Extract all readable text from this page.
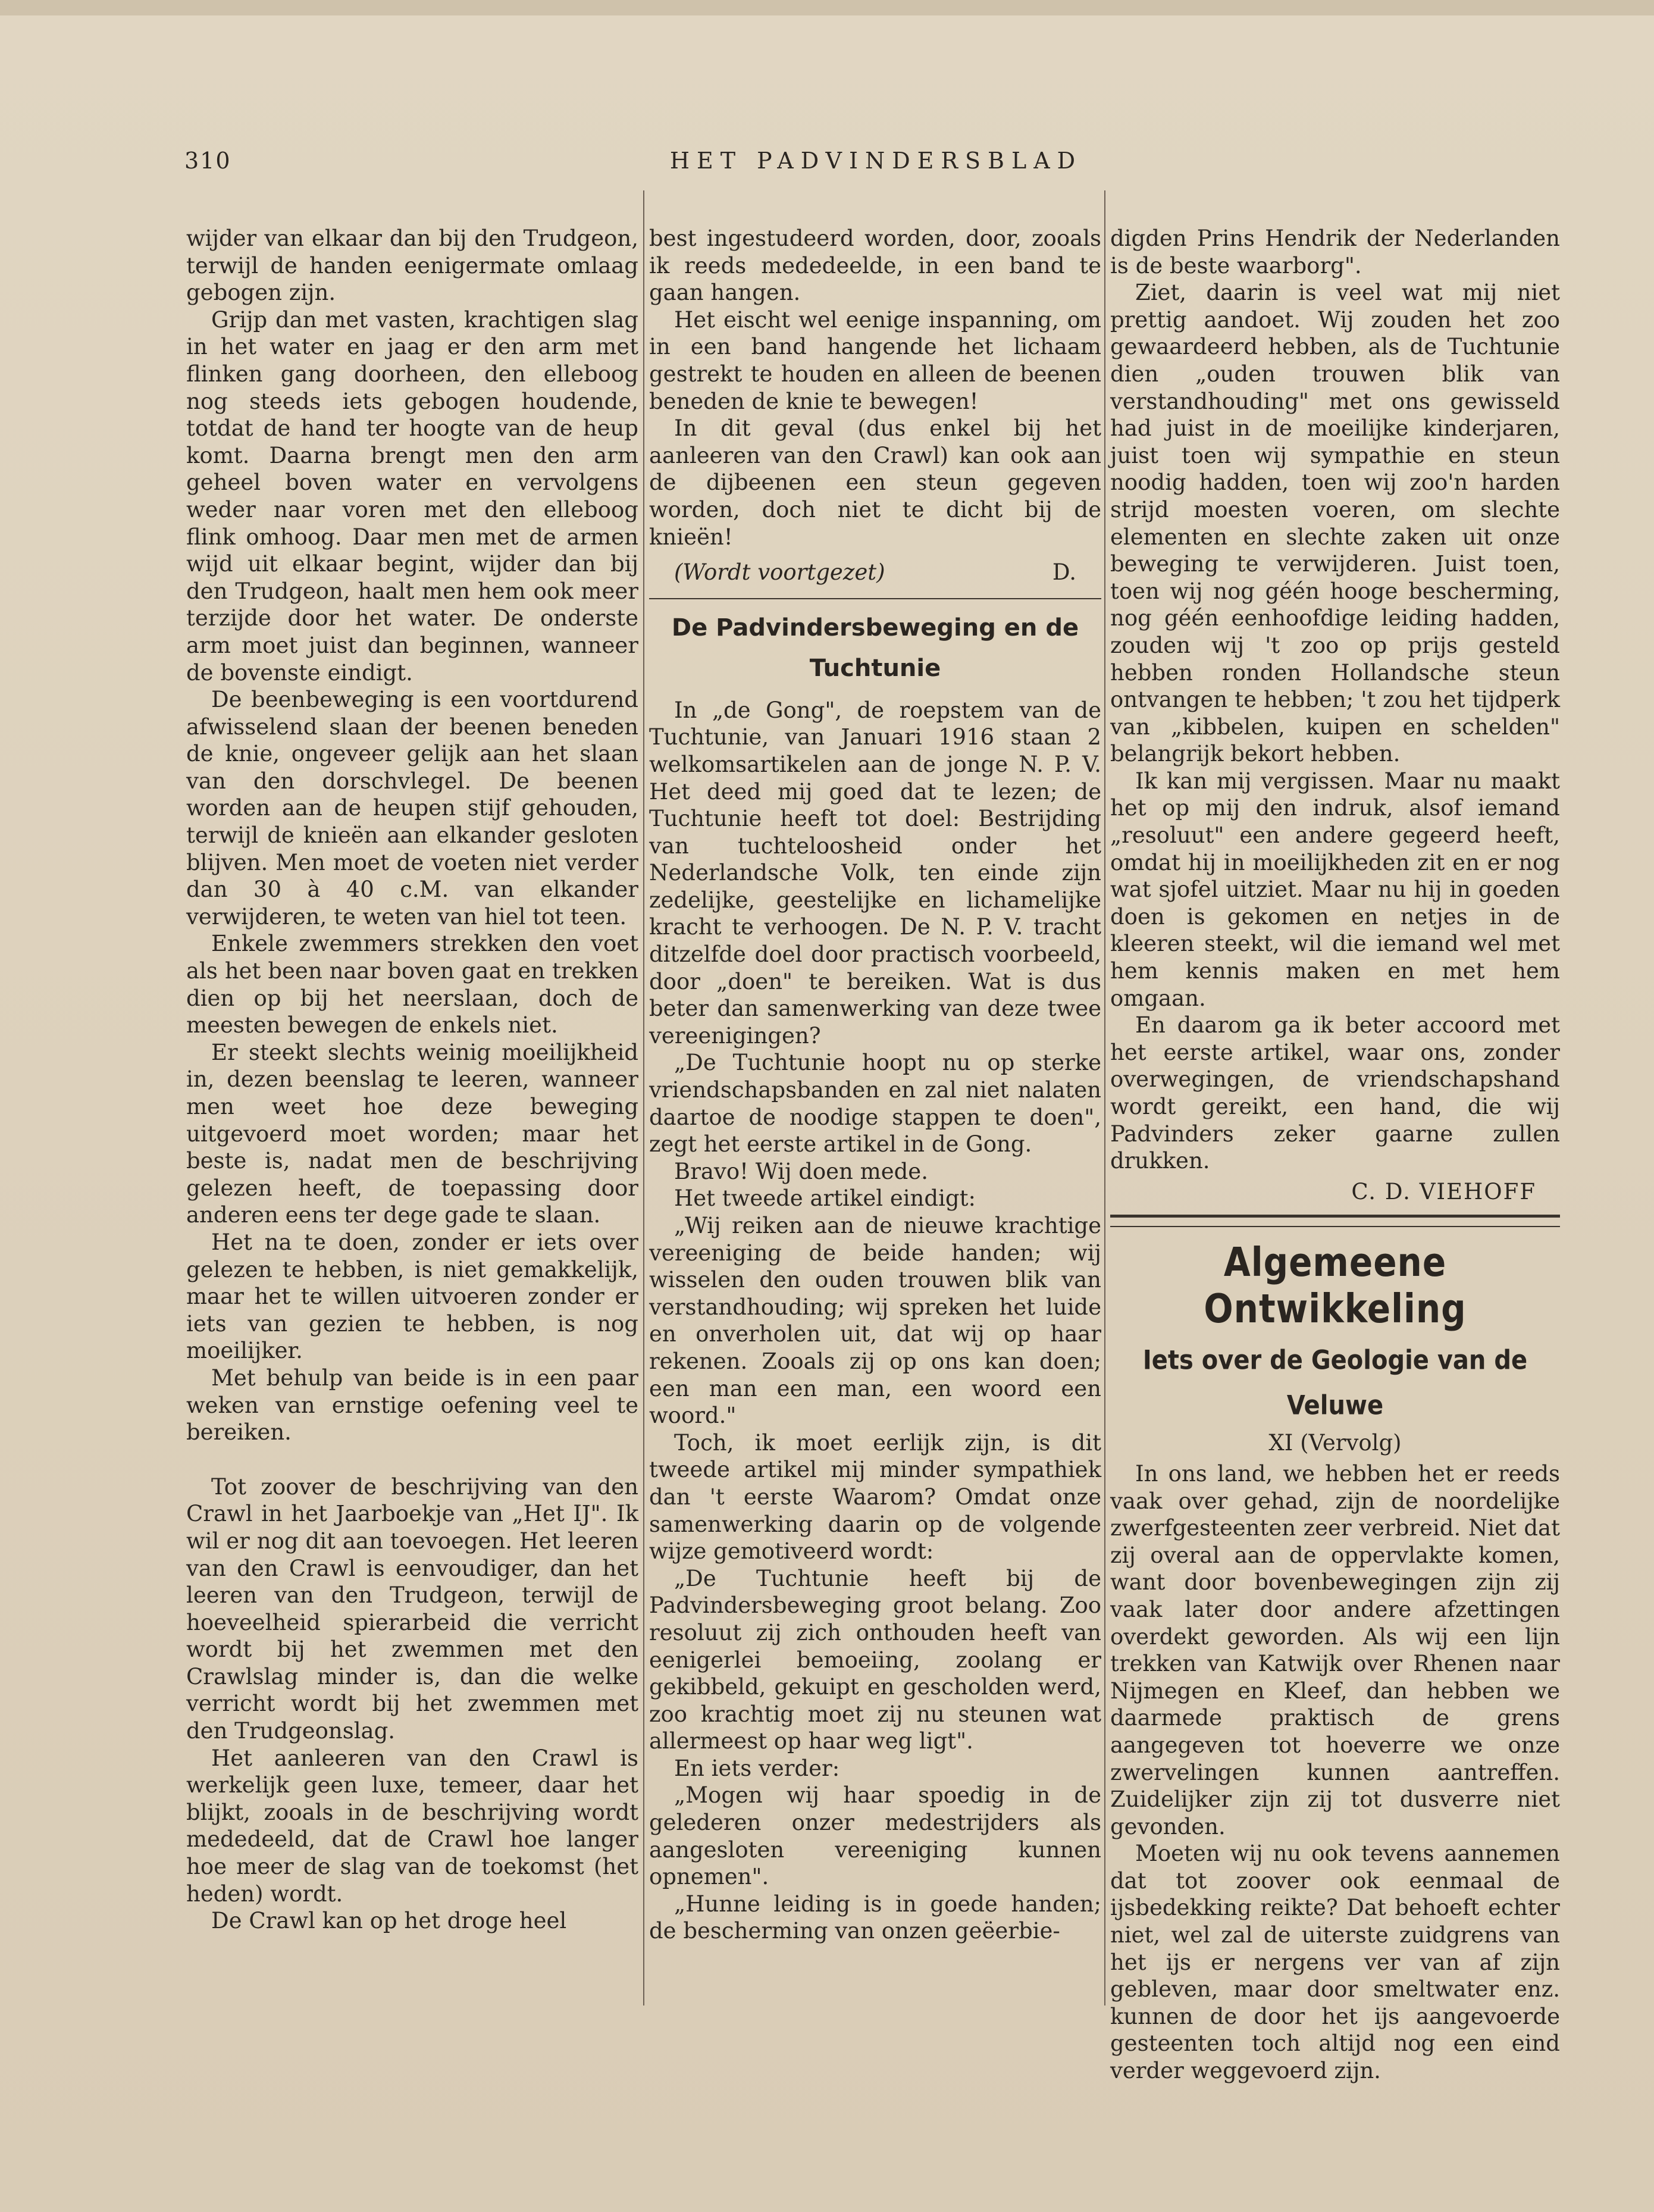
310	HET PADVINDERSBLAD

wijder van elkaar dan bij den Trudgeon, terwijl de handen eenigermate omlaag gebogen zijn.

Grijp dan met vasten, krachtigen slag in het water en jaag er den arm met flinken gang doorheen, den elleboog nog steeds iets gebogen houdende, totdat de hand ter hoogte van de heup komt. Daarna brengt men den arm geheel boven water en vervolgens weder naar voren met den elleboog flink omhoog. Daar men met de armen wijd uit elkaar begint, wijder dan bij den Trudgeon, haalt men hem ook meer terzijde door het water. De onderste arm moet juist dan beginnen, wanneer de bovenste eindigt.

De beenbeweging is een voortdurend afwisselend slaan der beenen beneden de knie, ongeveer gelijk aan het slaan van den dorschvlegel. De beenen worden aan de heupen stijf gehouden, terwijl de knieën aan elkander gesloten blijven. Men moet de voeten niet verder dan 30 à 40 c.M. van elkander verwijderen, te weten van hiel tot teen.

Enkele zwemmers strekken den voet als het been naar boven gaat en trekken dien op bij het neerslaan, doch de meesten bewegen de enkels niet.

Er steekt slechts weinig moeilijkheid in, dezen beenslag te leeren, wanneer men weet hoe deze beweging uitgevoerd moet worden; maar het beste is, nadat men de beschrijving gelezen heeft, de toepassing door anderen eens ter dege gade te slaan.

Het na te doen, zonder er iets over gelezen te hebben, is niet gemakkelijk, maar het te willen uitvoeren zonder er iets van gezien te hebben, is nog moeilijker.

Met behulp van beide is in een paar weken van ernstige oefening veel te bereiken.

Tot zoover de beschrijving van den Crawl in het Jaarboekje van „Het IJ". Ik wil er nog dit aan toevoegen. Het leeren van den Crawl is eenvoudiger, dan het leeren van den Trudgeon, terwijl de hoeveelheid spierarbeid die verricht wordt bij het zwemmen met den Crawlslag minder is, dan die welke verricht wordt bij het zwemmen met den Trudgeonslag.

Het aanleeren van den Crawl is werkelijk geen luxe, temeer, daar het blijkt, zooals in de beschrijving wordt mededeeld, dat de Crawl hoe langer hoe meer de slag van de toekomst (het heden) wordt.

De Crawl kan op het droge heel

best ingestudeerd worden, door, zooals ik reeds mededeelde, in een band te gaan hangen.

Het eischt wel eenige inspanning, om in een band hangende het lichaam gestrekt te houden en alleen de beenen beneden de knie te bewegen!

In dit geval (dus enkel bij het aanleeren van den Crawl) kan ook aan de dijbeenen een steun gegeven worden, doch niet te dicht bij de knieën!

(Wordt voortgezet)	D.
De Padvindersbeweging en de
Tuchtunie

In „de Gong", de roepstem van de Tuchtunie, van Januari 1916 staan 2 welkomsartikelen aan de jonge N. P. V. Het deed mij goed dat te lezen; de Tuchtunie heeft tot doel: Bestrijding van tuchteloosheid onder het Nederlandsche Volk, ten einde zijn zedelijke, geestelijke en lichamelijke kracht te verhoogen. De N. P. V. tracht ditzelfde doel door practisch voorbeeld, door „doen" te bereiken. Wat is dus beter dan samenwerking van deze twee vereenigingen?

„De Tuchtunie hoopt nu op sterke vriendschapsbanden en zal niet nalaten daartoe de noodige stappen te doen", zegt het eerste artikel in de Gong.

Bravo! Wij doen mede.

Het tweede artikel eindigt:

„Wij reiken aan de nieuwe krachtige vereeniging de beide handen; wij wisselen den ouden trouwen blik van verstandhouding; wij spreken het luide en onverholen uit, dat wij op haar rekenen. Zooals zij op ons kan doen; een man een man, een woord een woord."

Toch, ik moet eerlijk zijn, is dit tweede artikel mij minder sympathiek dan 't eerste Waarom? Omdat onze samenwerking daarin op de volgende wijze gemotiveerd wordt:

„De Tuchtunie heeft bij de Padvindersbeweging groot belang. Zoo resoluut zij zich onthouden heeft van eenigerlei bemoeiing, zoolang er gekibbeld, gekuipt en gescholden werd, zoo krachtig moet zij nu steunen wat allermeest op haar weg ligt".

En iets verder:

„Mogen wij haar spoedig in de gelederen onzer medestrijders als aangesloten vereeniging kunnen opnemen".

„Hunne leiding is in goede handen; de bescherming van onzen geëerbie-

digden Prins Hendrik der Nederlanden is de beste waarborg".

Ziet, daarin is veel wat mij niet prettig aandoet. Wij zouden het zoo gewaardeerd hebben, als de Tuchtunie dien „ouden trouwen blik van verstandhouding" met ons gewisseld had juist in de moeilijke kinderjaren, juist toen wij sympathie en steun noodig hadden, toen wij zoo'n harden strijd moesten voeren, om slechte elementen en slechte zaken uit onze beweging te verwijderen. Juist toen, toen wij nog géén hooge bescherming, nog géén eenhoofdige leiding hadden, zouden wij 't zoo op prijs gesteld hebben ronden Hollandsche steun ontvangen te hebben; 't zou het tijdperk van „kibbelen, kuipen en schelden" belangrijk bekort hebben.

Ik kan mij vergissen. Maar nu maakt het op mij den indruk, alsof iemand „resoluut" een andere gegeerd heeft, omdat hij in moeilijkheden zit en er nog wat sjofel uitziet. Maar nu hij in goeden doen is gekomen en netjes in de kleeren steekt, wil die iemand wel met hem kennis maken en met hem omgaan.

En daarom ga ik beter accoord met het eerste artikel, waar ons, zonder overwegingen, de vriendschapshand wordt gereikt, een hand, die wij Padvinders zeker gaarne zullen drukken.

C. D. VIEHOFF
Algemeene Ontwikkeling
Iets over de Geologie van de Veluwe
XI (Vervolg)

In ons land, we hebben het er reeds vaak over gehad, zijn de noordelijke zwerfgesteenten zeer verbreid. Niet dat zij overal aan de oppervlakte komen, want door bovenbewegingen zijn zij vaak later door andere afzettingen overdekt geworden. Als wij een lijn trekken van Katwijk over Rhenen naar Nijmegen en Kleef, dan hebben we daarmede praktisch de grens aangegeven tot hoeverre we onze zwervelingen kunnen aantreffen. Zuidelijker zijn zij tot dusverre niet gevonden.

Moeten wij nu ook tevens aannemen dat tot zoover ook eenmaal de ijsbedekking reikte? Dat behoeft echter niet, wel zal de uiterste zuidgrens van het ijs er nergens ver van af zijn gebleven, maar door smeltwater enz. kunnen de door het ijs aangevoerde gesteenten toch altijd nog een eind verder weggevoerd zijn.
